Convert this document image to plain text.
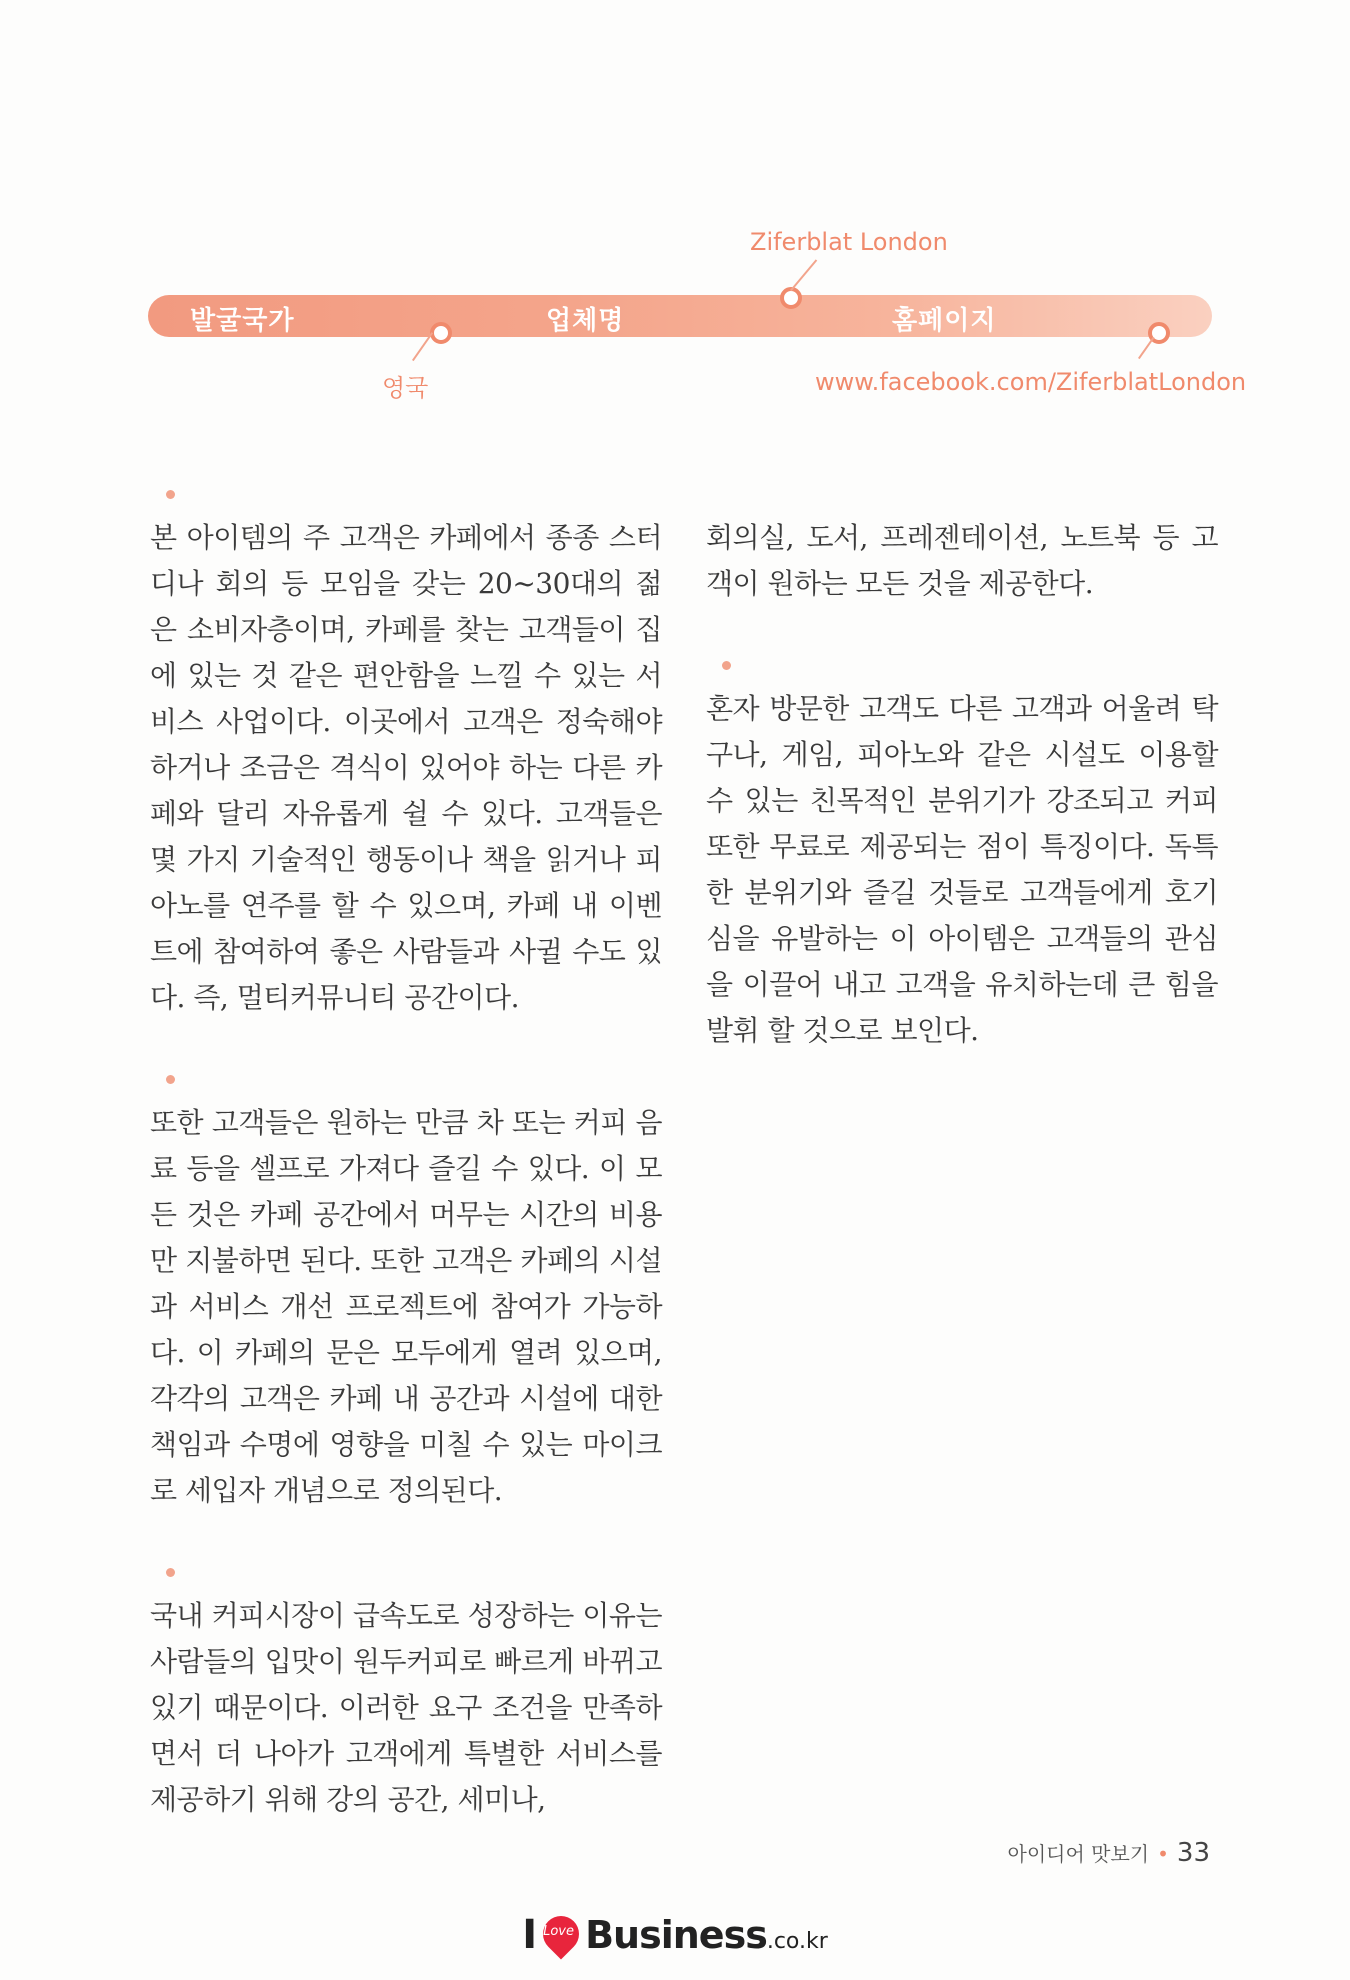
발굴국가	업체명	홈페이지
영국
Ziferblat London
www.facebook.com/ZiferblatLondon

본 아이템의 주 고객은 카페에서 종종 스터디나 회의 등 모임을 갖는 20~30대의 젊은 소비자층이며, 카페를 찾는 고객들이 집에 있는 것 같은 편안함을 느낄 수 있는 서비스 사업이다. 이곳에서 고객은 정숙해야 하거나 조금은 격식이 있어야 하는 다른 카페와 달리 자유롭게 쉴 수 있다. 고객들은 몇 가지 기술적인 행동이나 책을 읽거나 피아노를 연주를 할 수 있으며, 카페 내 이벤트에 참여하여 좋은 사람들과 사귈 수도 있다. 즉, 멀티커뮤니티 공간이다.

또한 고객들은 원하는 만큼 차 또는 커피 음료 등을 셀프로 가져다 즐길 수 있다. 이 모든 것은 카페 공간에서 머무는 시간의 비용만 지불하면 된다. 또한 고객은 카페의 시설과 서비스 개선 프로젝트에 참여가 가능하다. 이 카페의 문은 모두에게 열려 있으며, 각각의 고객은 카페 내 공간과 시설에 대한 책임과 수명에 영향을 미칠 수 있는 마이크로 세입자 개념으로 정의된다.

국내 커피시장이 급속도로 성장하는 이유는 사람들의 입맛이 원두커피로 빠르게 바뀌고 있기 때문이다. 이러한 요구 조건을 만족하면서 더 나아가 고객에게 특별한 서비스를 제공하기 위해 강의 공간, 세미나,

회의실, 도서, 프레젠테이션, 노트북 등 고객이 원하는 모든 것을 제공한다.

혼자 방문한 고객도 다른 고객과 어울려 탁구나, 게임, 피아노와 같은 시설도 이용할 수 있는 친목적인 분위기가 강조되고 커피 또한 무료로 제공되는 점이 특징이다. 독특한 분위기와 즐길 것들로 고객들에게 호기심을 유발하는 이 아이템은 고객들의 관심을 이끌어 내고 고객을 유치하는데 큰 힘을 발휘 할 것으로 보인다.

아이디어 맛보기 • 33
I Love Business.co.kr
